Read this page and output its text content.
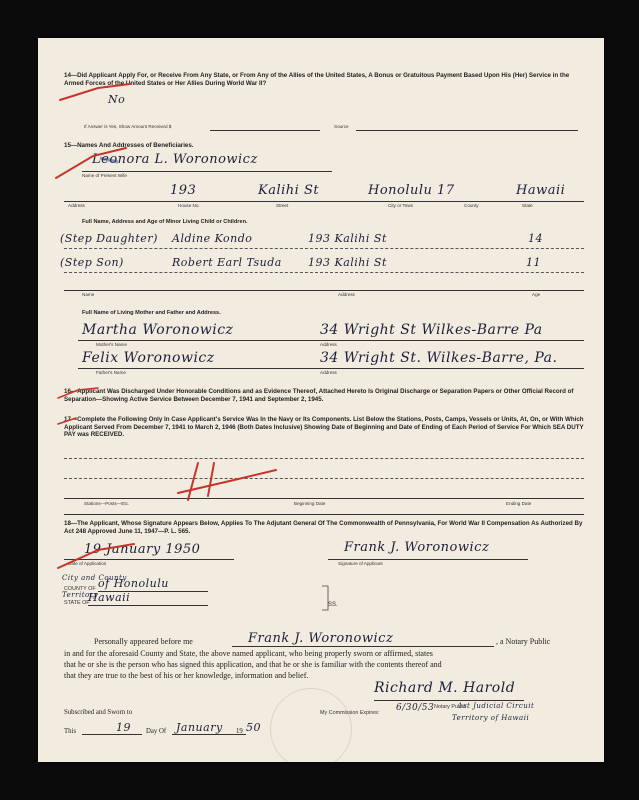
14—Did Applicant Apply For, or Receive From Any State, or From Any of the Allies of the United States, A Bonus or Gratuitous Payment Based Upon His (Her) Service in the Armed Forces of the United States or Her Allies During World War II?
No
If Answer is Yes, Show Amount Received $	Source
15—Names And Addresses of Beneficiaries.
Leonora L. Woronowicz
Name of Present Wife
193	Kalihi St	Honolulu 17	Hawaii
Address	House No.	Street	City or Town	County	State
Full Name, Address and Age of Minor Living Child or Children.
(Step Daughter) Aldine Kondo	193 Kalihi St	14
(Step Son)	Robert Earl Tsuda 193 Kalihi St	11
Name	Address	Age
Full Name of Living Mother and Father and Address.
Martha Woronowicz	34 Wright St Wilkes-Barre Pa
Mother's Name	Address
Felix Woronowicz	34 Wright St. Wilkes-Barre, Pa.
Father's Name	Address
16—Applicant Was Discharged Under Honorable Conditions and as Evidence Thereof, Attached Hereto Is Original Discharge or Separation Papers or Other Official Record of Separation—Showing Active Service Between December 7, 1941 and September 2, 1945.
17—Complete the Following Only In Case Applicant's Service Was In the Navy or Its Components. List Below the Stations, Posts, Camps, Vessels or Units, At, On, or With Which Applicant Served From December 7, 1941 to March 2, 1946 (Both Dates Inclusive) Showing Date of Beginning and Date of Ending of Each Period of Service For Which SEA DUTY PAY was RECEIVED.
Stations—Posts—Etc.	Beginning Date	Ending Date
18—The Applicant, Whose Signature Appears Below, Applies To The Adjutant General Of The Commonwealth of Pennsylvania, For World War II Compensation As Authorized By Act 248 Approved June 11, 1947—P. L. 565.
19 January 1950
Date of Application
Frank J. Woronowicz
Signature of Applicant
City and County
COUNTY OF of Honolulu
Territory
STATE OF
Hawaii
SS.
Personally appeared before me	Frank J. Woronowicz	, a Notary Public
in and for the aforesaid County and State, the above named applicant, who being properly sworn or affirmed, states
that he or she is the person who has signed this application, and that he or she is familiar with the contents thereof and
that they are true to the best of his or her knowledge, information and belief.
Subscribed and Sworn to
This	19 Day Of January 19 50
Richard M. Harold
My Commission Expires: 6/30/53 Notary Public
1st Judicial Circuit
Territory of Hawaii
